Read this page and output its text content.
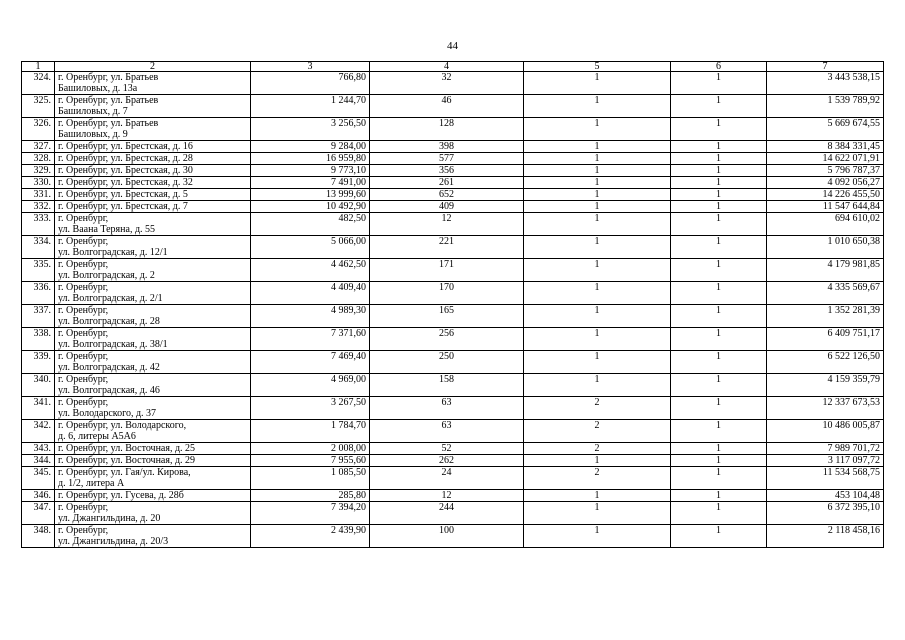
44
1	2	3	4	5	6	7
324.	г. Оренбург, ул. Братьев
Башиловых, д. 13а	766,80	32	1	1	3 443 538,15
325.	г. Оренбург, ул. Братьев
Башиловых, д. 7	1 244,70	46	1	1	1 539 789,92
326.	г. Оренбург, ул. Братьев
Башиловых, д. 9	3 256,50	128	1	1	5 669 674,55
327.	г. Оренбург, ул. Брестская, д. 16	9 284,00	398	1	1	8 384 331,45
328.	г. Оренбург, ул. Брестская, д. 28	16 959,80	577	1	1	14 622 071,91
329.	г. Оренбург, ул. Брестская, д. 30	9 773,10	356	1	1	5 796 787,37
330.	г. Оренбург, ул. Брестская, д. 32	7 491,00	261	1	1	4 092 056,27
331.	г. Оренбург, ул. Брестская, д. 5	13 999,60	652	1	1	14 226 455,50
332.	г. Оренбург, ул. Брестская, д. 7	10 492,90	409	1	1	11 547 644,84
333.	г. Оренбург,
ул. Ваана Теряна, д. 55	482,50	12	1	1	694 610,02
334.	г. Оренбург,
ул. Волгоградская, д. 12/1	5 066,00	221	1	1	1 010 650,38
335.	г. Оренбург,
ул. Волгоградская, д. 2	4 462,50	171	1	1	4 179 981,85
336.	г. Оренбург,
ул. Волгоградская, д. 2/1	4 409,40	170	1	1	4 335 569,67
337.	г. Оренбург,
ул. Волгоградская, д. 28	4 989,30	165	1	1	1 352 281,39
338.	г. Оренбург,
ул. Волгоградская, д. 38/1	7 371,60	256	1	1	6 409 751,17
339.	г. Оренбург,
ул. Волгоградская, д. 42	7 469,40	250	1	1	6 522 126,50
340.	г. Оренбург,
ул. Волгоградская, д. 46	4 969,00	158	1	1	4 159 359,79
341.	г. Оренбург,
ул. Володарского, д. 37	3 267,50	63	2	1	12 337 673,53
342.	г. Оренбург, ул. Володарского,
д. 6, литеры А5А6	1 784,70	63	2	1	10 486 005,87
343.	г. Оренбург, ул. Восточная, д. 25	2 008,00	52	2	1	7 989 701,72
344.	г. Оренбург, ул. Восточная, д. 29	7 955,60	262	1	1	3 117 097,72
345.	г. Оренбург, ул. Гая/ул. Кирова,
д. 1/2, литера А	1 085,50	24	2	1	11 534 568,75
346.	г. Оренбург, ул. Гусева, д. 28б	285,80	12	1	1	453 104,48
347.	г. Оренбург,
ул. Джангильдина, д. 20	7 394,20	244	1	1	6 372 395,10
348.	г. Оренбург,
ул. Джангильдина, д. 20/3	2 439,90	100	1	1	2 118 458,16
